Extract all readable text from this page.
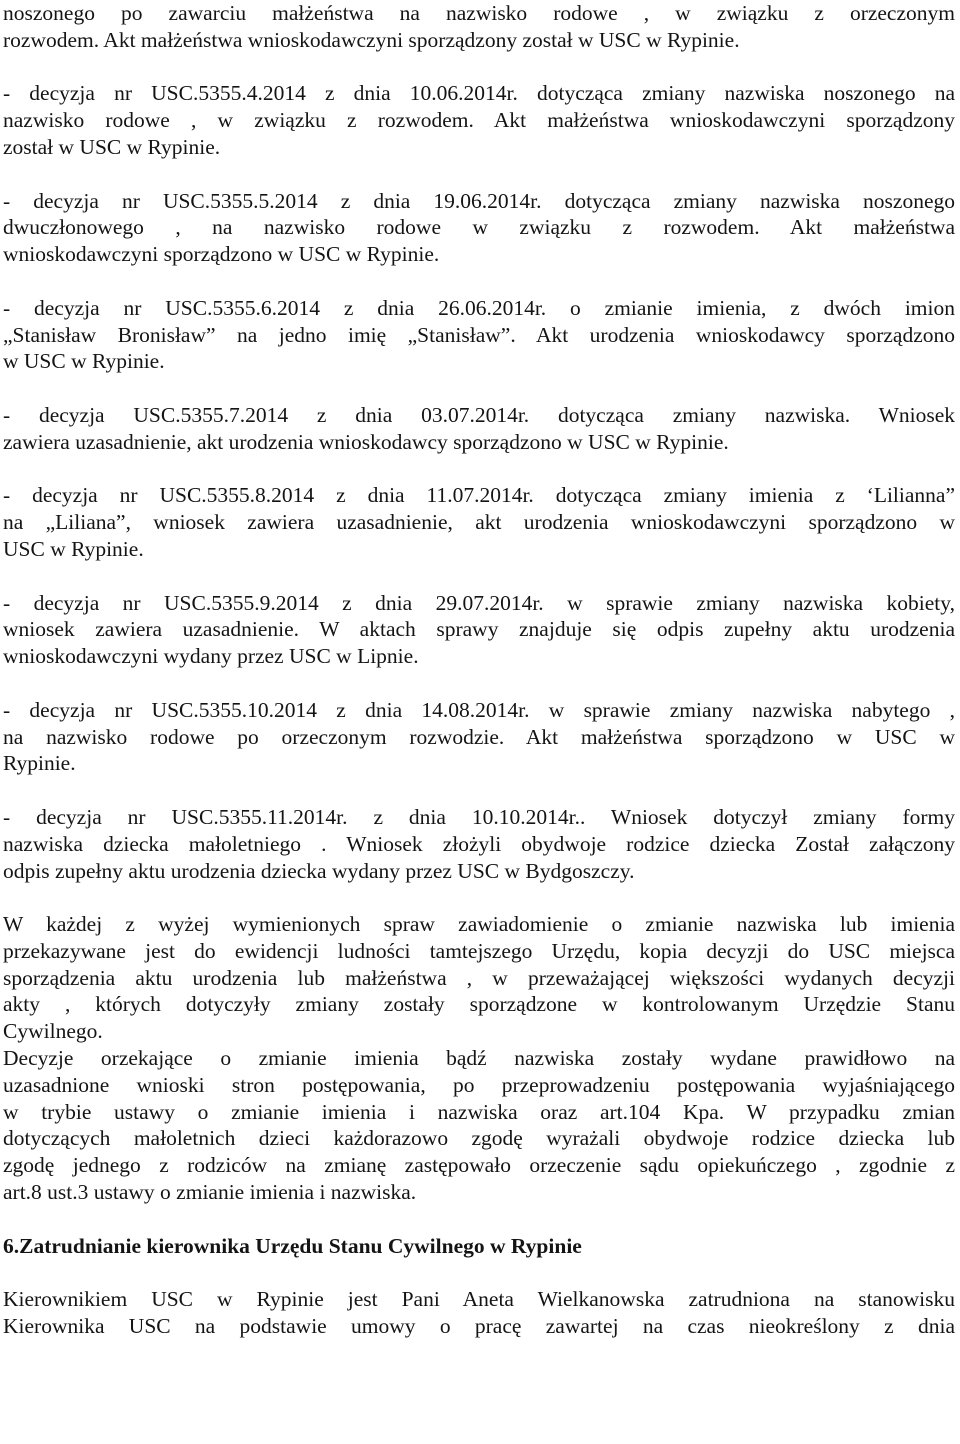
noszonego po zawarciu małżeństwa na nazwisko rodowe , w związku z orzeczonym
rozwodem. Akt małżeństwa wnioskodawczyni sporządzony został w USC w Rypinie.
- decyzja nr USC.5355.4.2014 z dnia 10.06.2014r. dotycząca zmiany nazwiska noszonego na
nazwisko rodowe , w związku z rozwodem. Akt małżeństwa wnioskodawczyni sporządzony
został w USC w Rypinie.
- decyzja nr USC.5355.5.2014 z dnia 19.06.2014r. dotycząca zmiany nazwiska noszonego
dwuczłonowego , na nazwisko rodowe w związku z rozwodem. Akt małżeństwa
wnioskodawczyni sporządzono w USC w Rypinie.
- decyzja nr USC.5355.6.2014 z dnia 26.06.2014r. o zmianie imienia, z dwóch imion
„Stanisław Bronisław” na jedno imię „Stanisław”. Akt urodzenia wnioskodawcy sporządzono
w USC w Rypinie.
- decyzja USC.5355.7.2014 z dnia 03.07.2014r. dotycząca zmiany nazwiska. Wniosek
zawiera uzasadnienie, akt urodzenia wnioskodawcy sporządzono w USC w Rypinie.
- decyzja nr USC.5355.8.2014 z dnia 11.07.2014r. dotycząca zmiany imienia z ‘Lilianna”
na „Liliana”, wniosek zawiera uzasadnienie, akt urodzenia wnioskodawczyni sporządzono w
USC w Rypinie.
- decyzja nr USC.5355.9.2014 z dnia 29.07.2014r. w sprawie zmiany nazwiska kobiety,
wniosek zawiera uzasadnienie. W aktach sprawy znajduje się odpis zupełny aktu urodzenia
wnioskodawczyni wydany przez USC w Lipnie.
- decyzja nr USC.5355.10.2014 z dnia 14.08.2014r. w sprawie zmiany nazwiska nabytego ,
na nazwisko rodowe po orzeczonym rozwodzie. Akt małżeństwa sporządzono w USC w
Rypinie.
- decyzja nr USC.5355.11.2014r. z dnia 10.10.2014r.. Wniosek dotyczył zmiany formy
nazwiska dziecka małoletniego . Wniosek złożyli obydwoje rodzice dziecka Został załączony
odpis zupełny aktu urodzenia dziecka wydany przez USC w Bydgoszczy.
W każdej z wyżej wymienionych spraw zawiadomienie o zmianie nazwiska lub imienia
przekazywane jest do ewidencji ludności tamtejszego Urzędu, kopia decyzji do USC miejsca
sporządzenia aktu urodzenia lub małżeństwa , w przeważającej większości wydanych decyzji
akty , których dotyczyły zmiany zostały sporządzone w kontrolowanym Urzędzie Stanu
Cywilnego.
Decyzje orzekające o zmianie imienia bądź nazwiska zostały wydane prawidłowo na
uzasadnione wnioski stron postępowania, po przeprowadzeniu postępowania wyjaśniającego
w trybie ustawy o zmianie imienia i nazwiska oraz art.104 Kpa. W przypadku zmian
dotyczących małoletnich dzieci każdorazowo zgodę wyrażali obydwoje rodzice dziecka lub
zgodę jednego z rodziców na zmianę zastępowało orzeczenie sądu opiekuńczego , zgodnie z
art.8 ust.3 ustawy o zmianie imienia i nazwiska.
6.Zatrudnianie kierownika Urzędu Stanu Cywilnego w Rypinie
Kierownikiem USC w Rypinie jest Pani Aneta Wielkanowska zatrudniona na stanowisku
Kierownika USC na podstawie umowy o pracę zawartej na czas nieokreślony z dnia
